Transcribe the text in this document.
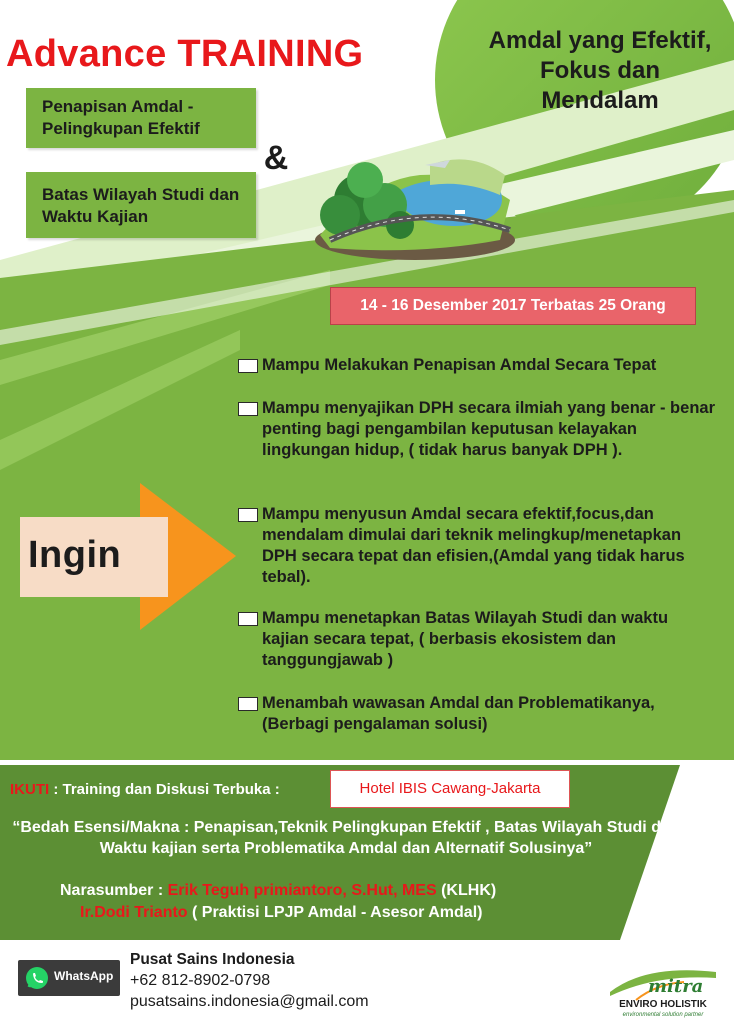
Advance TRAINING
Penapisan Amdal - Pelingkupan Efektif
&
Batas Wilayah Studi dan Waktu Kajian
Amdal yang Efektif, Fokus dan Mendalam
14 - 16 Desember 2017 Terbatas 25 Orang
Mampu Melakukan Penapisan Amdal Secara Tepat
Mampu menyajikan DPH secara ilmiah yang benar - benar penting bagi pengambilan keputusan kelayakan lingkungan hidup, ( tidak harus banyak DPH ).
Mampu menyusun Amdal secara efektif,focus,dan mendalam dimulai dari teknik melingkup/menetapkan DPH secara tepat dan efisien,(Amdal yang tidak harus tebal).
Mampu menetapkan Batas Wilayah Studi dan waktu kajian secara tepat, ( berbasis ekosistem dan tanggungjawab )
Menambah wawasan Amdal dan Problematikanya,(Berbagi pengalaman solusi)
Ingin
IKUTI : Training dan Diskusi Terbuka :	Hotel IBIS Cawang-Jakarta
“Bedah Esensi/Makna : Penapisan,Teknik Pelingkupan Efektif , Batas Wilayah Studi dan Waktu kajian serta Problematika Amdal dan Alternatif Solusinya”
Narasumber : Erik Teguh primiantoro, S.Hut, MES (KLHK)
Ir.Dodi Trianto ( Praktisi LPJP Amdal - Asesor Amdal)
WhatsApp
Pusat Sains Indonesia
+62 812-8902-0798
pusatsains.indonesia@gmail.com
mitra
ENVIRO HOLISTIK
environmental solution partner
